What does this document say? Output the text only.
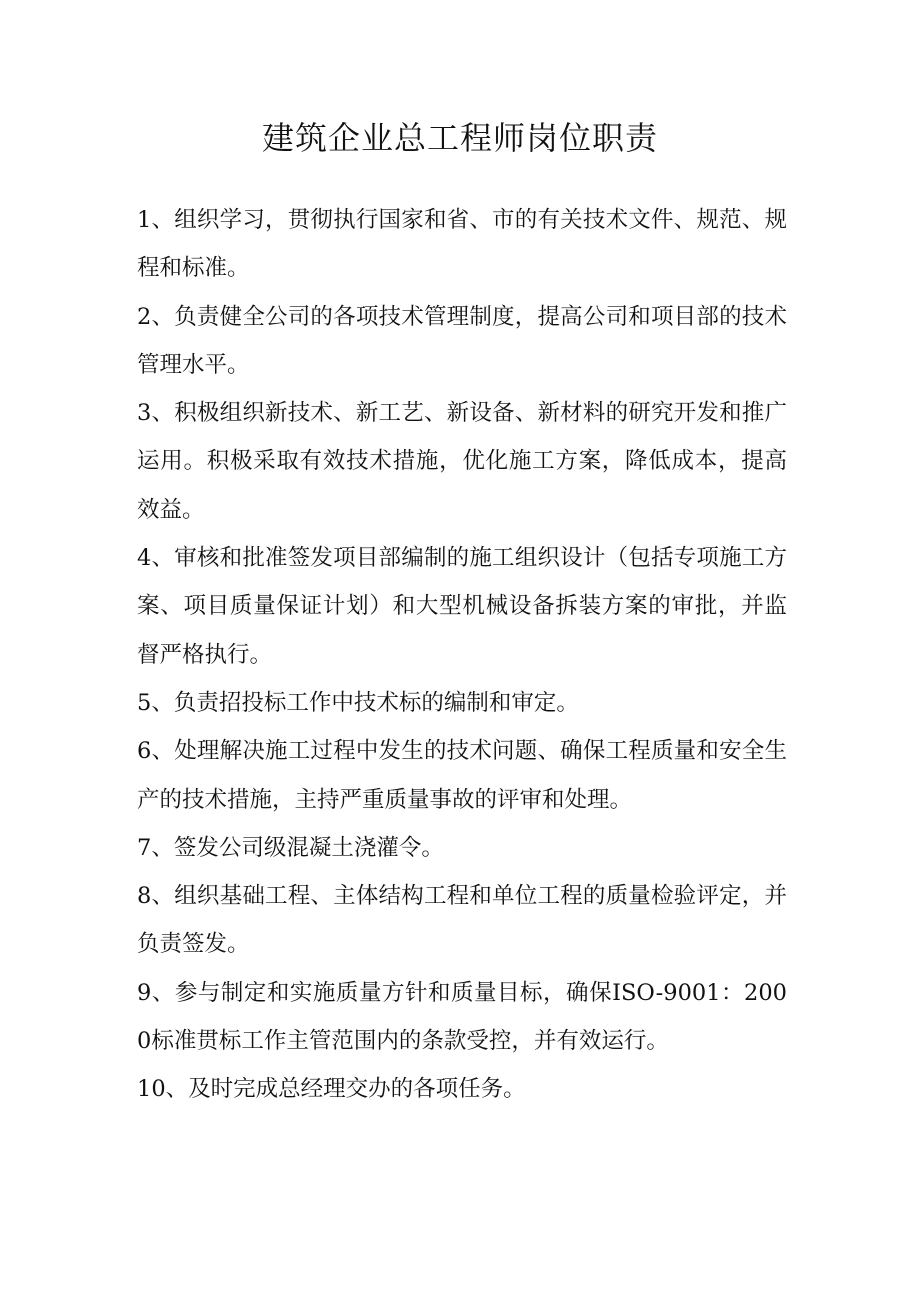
建筑企业总工程师岗位职责

1、组织学习，贯彻执行国家和省、市的有关技术文件、规范、规程和标准。

2、负责健全公司的各项技术管理制度，提高公司和项目部的技术管理水平。

3、积极组织新技术、新工艺、新设备、新材料的研究开发和推广运用。积极采取有效技术措施，优化施工方案，降低成本，提高效益。

4、审核和批准签发项目部编制的施工组织设计（包括专项施工方案、项目质量保证计划）和大型机械设备拆装方案的审批，并监督严格执行。

5、负责招投标工作中技术标的编制和审定。

6、处理解决施工过程中发生的技术问题、确保工程质量和安全生产的技术措施，主持严重质量事故的评审和处理。

7、签发公司级混凝土浇灌令。

8、组织基础工程、主体结构工程和单位工程的质量检验评定，并负责签发。

9、参与制定和实施质量方针和质量目标，确保ISO-9001：2000标准贯标工作主管范围内的条款受控，并有效运行。

10、及时完成总经理交办的各项任务。
